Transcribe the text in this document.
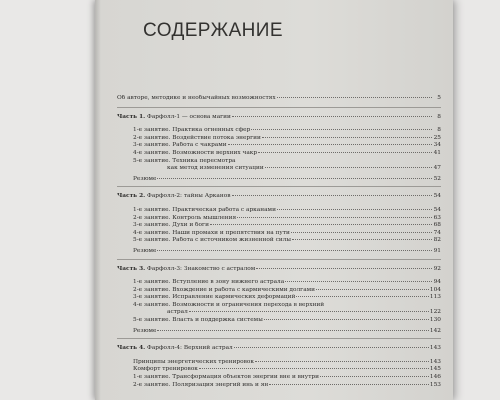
СОДЕРЖАНИЕ
Об авторе, методике и необычайных возможностях	5
Часть 1. Фарфолл-1 — основа магии	8
1-е занятие. Практика огненных сфер	8
2-е занятие. Воздействие потока энергии	25
3-е занятие. Работа с чакрами	34
4-е занятие. Возможности верхних чакр	41
5-е занятие. Техника пересмотра
как метод изменения ситуации	47
Резюме	52
Часть 2. Фарфолл-2: тайны Арканов	54
1-е занятие. Практическая работа с арканами	54
2-е занятие. Контроль мышления	63
3-е занятие. Духи и боги	68
4-е занятие. Наши промахи и препятствия на пути	74
5-е занятие. Работа с источником жизненной силы	82
Резюме	91
Часть 3. Фарфолл-3: Знакомство с астралом	92
1-е занятие. Вступление в зону нижнего астрала	94
2-е занятие. Вхождение и работа с кармическими долгами	104
3-е занятие. Исправление кармических деформаций	113
4-е занятие. Возможности и ограничения перехода в верхний
астрал	122
5-е занятие. Власть и поддержка системы	130
Резюме	142
Часть 4. Фарфолл-4: Верхний астрал	143
Принципы энергетических тренировок	143
Комфорт тренировок	145
1-е занятие. Трансформация объектов энергии вне и внутри	146
2-е занятие. Поляризация энергий инь и ян	153
